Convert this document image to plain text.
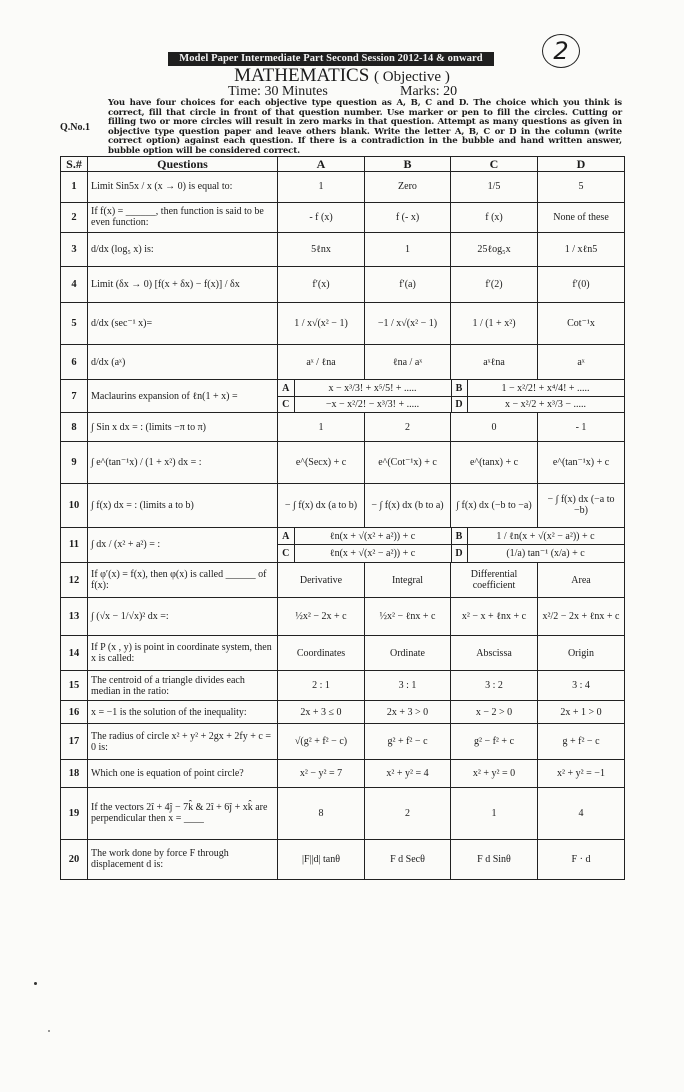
2
Model Paper Intermediate Part Second Session 2012-14 & onward
MATHEMATICS ( Objective )
Time: 30 Minutes	Marks: 20
Q.No.1
You have four choices for each objective type question as A, B, C and D. The choice which you think is correct, fill that circle in front of that question number. Use marker or pen to fill the circles. Cutting or filling two or more circles will result in zero marks in that question. Attempt as many questions as given in objective type question paper and leave others blank. Write the letter A, B, C or D in the column (write correct option) against each question. If there is a contradiction in the bubble and hand written answer, bubble option will be considered correct.
S.#	Questions	A	B	C	D
1	Limit Sin5x / x (x → 0) is equal to:	1	Zero	1/5	5
2	If f(x) = ______, then function is said to be even function:	- f (x)	f (- x)	f (x)	None of these
3	d/dx (log₅ x) is:	5ℓnx	1	25ℓog₅x	1 / xℓn5
4	Limit (δx → 0) [f(x + δx) − f(x)] / δx	f′(x)	f′(a)	f′(2)	f′(0)
5	d/dx (sec⁻¹ x)=	1 / x√(x² − 1)	−1 / x√(x² − 1)	1 / (1 + x²)	Cot⁻¹x
6	d/dx (aˣ)	aˣ / ℓna	ℓna / aˣ	aˣℓna	aˣ
7	Maclaurins expansion of ℓn(1 + x) =	
A	x − x³/3! + x⁵/5! + .....	B	1 − x²/2! + x⁴/4! + .....
C	−x − x²/2! − x³/3! + .....	D	x − x²/2 + x³/3 − .....

8	∫ Sin x dx = : (limits −π to π)	1	2	0	- 1
9	∫ e^(tan⁻¹x) / (1 + x²) dx = :	e^(Secx) + c	e^(Cot⁻¹x) + c	e^(tanx) + c	e^(tan⁻¹x) + c
10	∫ f(x) dx = : (limits a to b)	− ∫ f(x) dx (a to b)	− ∫ f(x) dx (b to a)	∫ f(x) dx (−b to −a)	− ∫ f(x) dx (−a to −b)
11	∫ dx / (x² + a²) = :	
A	ℓn(x + √(x² + a²)) + c	B	1 / ℓn(x + √(x² − a²)) + c
C	ℓn(x + √(x² − a²)) + c	D	(1/a) tan⁻¹ (x/a) + c

12	If φ′(x) = f(x), then φ(x) is called ______ of f(x):	Derivative	Integral	Differential coefficient	Area
13	∫ (√x − 1/√x)² dx =:	½x² − 2x + c	½x² − ℓnx + c	x² − x + ℓnx + c	x²/2 − 2x + ℓnx + c
14	If P (x , y) is point in coordinate system, then x is called:	Coordinates	Ordinate	Abscissa	Origin
15	The centroid of a triangle divides each median in the ratio:	2 : 1	3 : 1	3 : 2	3 : 4
16	x = −1 is the solution of the inequality:	2x + 3 ≤ 0	2x + 3 > 0	x − 2 > 0	2x + 1 > 0
17	The radius of circle x² + y² + 2gx + 2fy + c = 0 is:	√(g² + f² − c)	g² + f² − c	g² − f² + c	g + f² − c
18	Which one is equation of point circle?	x² − y² = 7	x² + y² = 4	x² + y² = 0	x² + y² = −1
19	If the vectors 2î + 4ĵ − 7k̂ & 2î + 6ĵ + xk̂ are perpendicular then x = ____	8	2	1	4
20	The work done by force F through displacement d is:	|F||d| tanθ	F d Secθ	F d Sinθ	F · d
